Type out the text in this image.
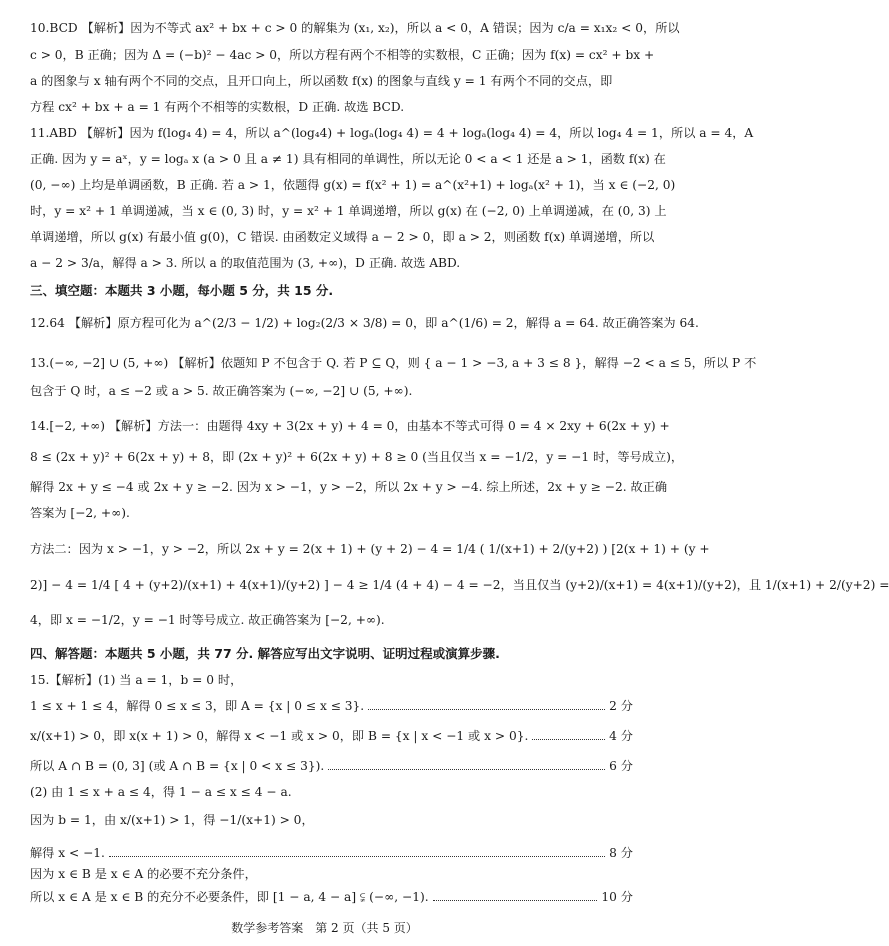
10.BCD 【解析】因为不等式 ax² + bx + c > 0 的解集为 (x₁, x₂)，所以 a < 0，A 错误；因为 c/a = x₁x₂ < 0，所以
c > 0，B 正确；因为 Δ = (−b)² − 4ac > 0，所以方程有两个不相等的实数根，C 正确；因为 f(x) = cx² + bx +
a 的图象与 x 轴有两个不同的交点，且开口向上，所以函数 f(x) 的图象与直线 y = 1 有两个不同的交点，即
方程 cx² + bx + a = 1 有两个不相等的实数根，D 正确. 故选 BCD.
11.ABD 【解析】因为 f(log₄ 4) = 4，所以 a^(log₄4) + logₐ(log₄ 4) = 4 + logₐ(log₄ 4) = 4，所以 log₄ 4 = 1，所以 a = 4，A
正确. 因为 y = aˣ，y = logₐ x (a > 0 且 a ≠ 1) 具有相同的单调性，所以无论 0 < a < 1 还是 a > 1，函数 f(x) 在
(0, −∞) 上均是单调函数，B 正确. 若 a > 1，依题得 g(x) = f(x² + 1) = a^(x²+1) + logₐ(x² + 1)，当 x ∈ (−2, 0)
时，y = x² + 1 单调递减，当 x ∈ (0, 3) 时，y = x² + 1 单调递增，所以 g(x) 在 (−2, 0) 上单调递减，在 (0, 3) 上
单调递增，所以 g(x) 有最小值 g(0)，C 错误. 由函数定义域得 a − 2 > 0，即 a > 2，则函数 f(x) 单调递增，所以
a − 2 > 3/a，解得 a > 3. 所以 a 的取值范围为 (3, +∞)，D 正确. 故选 ABD.
三、填空题：本题共 3 小题，每小题 5 分，共 15 分.
12.64 【解析】原方程可化为 a^(2/3 − 1/2) + log₂(2/3 × 3/8) = 0，即 a^(1/6) = 2，解得 a = 64. 故正确答案为 64.
13.(−∞, −2] ∪ (5, +∞) 【解析】依题知 P 不包含于 Q. 若 P ⊆ Q，则 { a − 1 > −3, a + 3 ≤ 8 }，解得 −2 < a ≤ 5，所以 P 不
包含于 Q 时，a ≤ −2 或 a > 5. 故正确答案为 (−∞, −2] ∪ (5, +∞).
14.[−2, +∞) 【解析】方法一：由题得 4xy + 3(2x + y) + 4 = 0，由基本不等式可得 0 = 4 × 2xy + 6(2x + y) +
8 ≤ (2x + y)² + 6(2x + y) + 8，即 (2x + y)² + 6(2x + y) + 8 ≥ 0 (当且仅当 x = −1/2，y = −1 时，等号成立)，
解得 2x + y ≤ −4 或 2x + y ≥ −2. 因为 x > −1，y > −2，所以 2x + y > −4. 综上所述，2x + y ≥ −2. 故正确
答案为 [−2, +∞).
方法二：因为 x > −1，y > −2，所以 2x + y = 2(x + 1) + (y + 2) − 4 = 1/4 ( 1/(x+1) + 2/(y+2) ) [2(x + 1) + (y +
2)] − 4 = 1/4 [ 4 + (y+2)/(x+1) + 4(x+1)/(y+2) ] − 4 ≥ 1/4 (4 + 4) − 4 = −2，当且仅当 (y+2)/(x+1) = 4(x+1)/(y+2)，且 1/(x+1) + 2/(y+2) =
4，即 x = −1/2，y = −1 时等号成立. 故正确答案为 [−2, +∞).
四、解答题：本题共 5 小题，共 77 分. 解答应写出文字说明、证明过程或演算步骤.
15.【解析】(1) 当 a = 1，b = 0 时，
1 ≤ x + 1 ≤ 4，解得 0 ≤ x ≤ 3，即 A = {x | 0 ≤ x ≤ 3}.	2 分
x/(x+1) > 0，即 x(x + 1) > 0，解得 x < −1 或 x > 0，即 B = {x | x < −1 或 x > 0}.	4 分
所以 A ∩ B = (0, 3] (或 A ∩ B = {x | 0 < x ≤ 3}).	6 分
(2) 由 1 ≤ x + a ≤ 4，得 1 − a ≤ x ≤ 4 − a.
因为 b = 1，由 x/(x+1) > 1，得 −1/(x+1) > 0，
解得 x < −1.	8 分
因为 x ∈ B 是 x ∈ A 的必要不充分条件，
所以 x ∈ A 是 x ∈ B 的充分不必要条件，即 [1 − a, 4 − a] ⫋ (−∞, −1).	10 分
数学参考答案　第 2 页（共 5 页）
